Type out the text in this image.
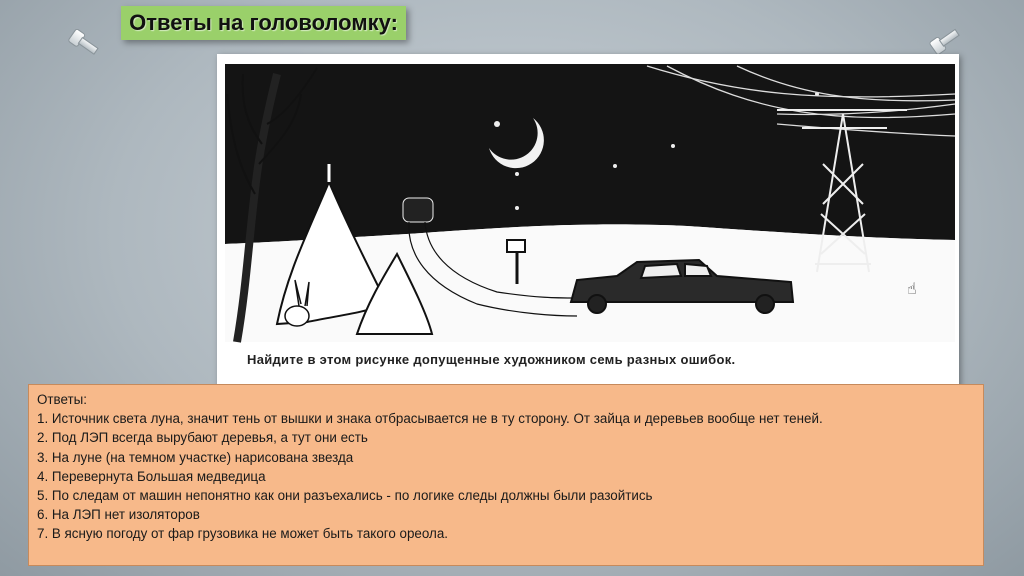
Ответы на головоломку:
☝
Найдите в этом рисунке допущенные художником семь разных ошибок.
Ответы:
1. Источник света луна, значит тень от вышки и знака отбрасывается не в ту сторону. От зайца и деревьев вообще нет теней.
2. Под ЛЭП всегда вырубают деревья, а тут они есть
3. На луне (на темном участке) нарисована звезда
4. Перевернута Большая медведица
5. По следам от машин непонятно как они разъехались - по логике следы должны были разойтись
6. На ЛЭП нет изоляторов
7. В ясную погоду от фар грузовика не может быть такого ореола.
